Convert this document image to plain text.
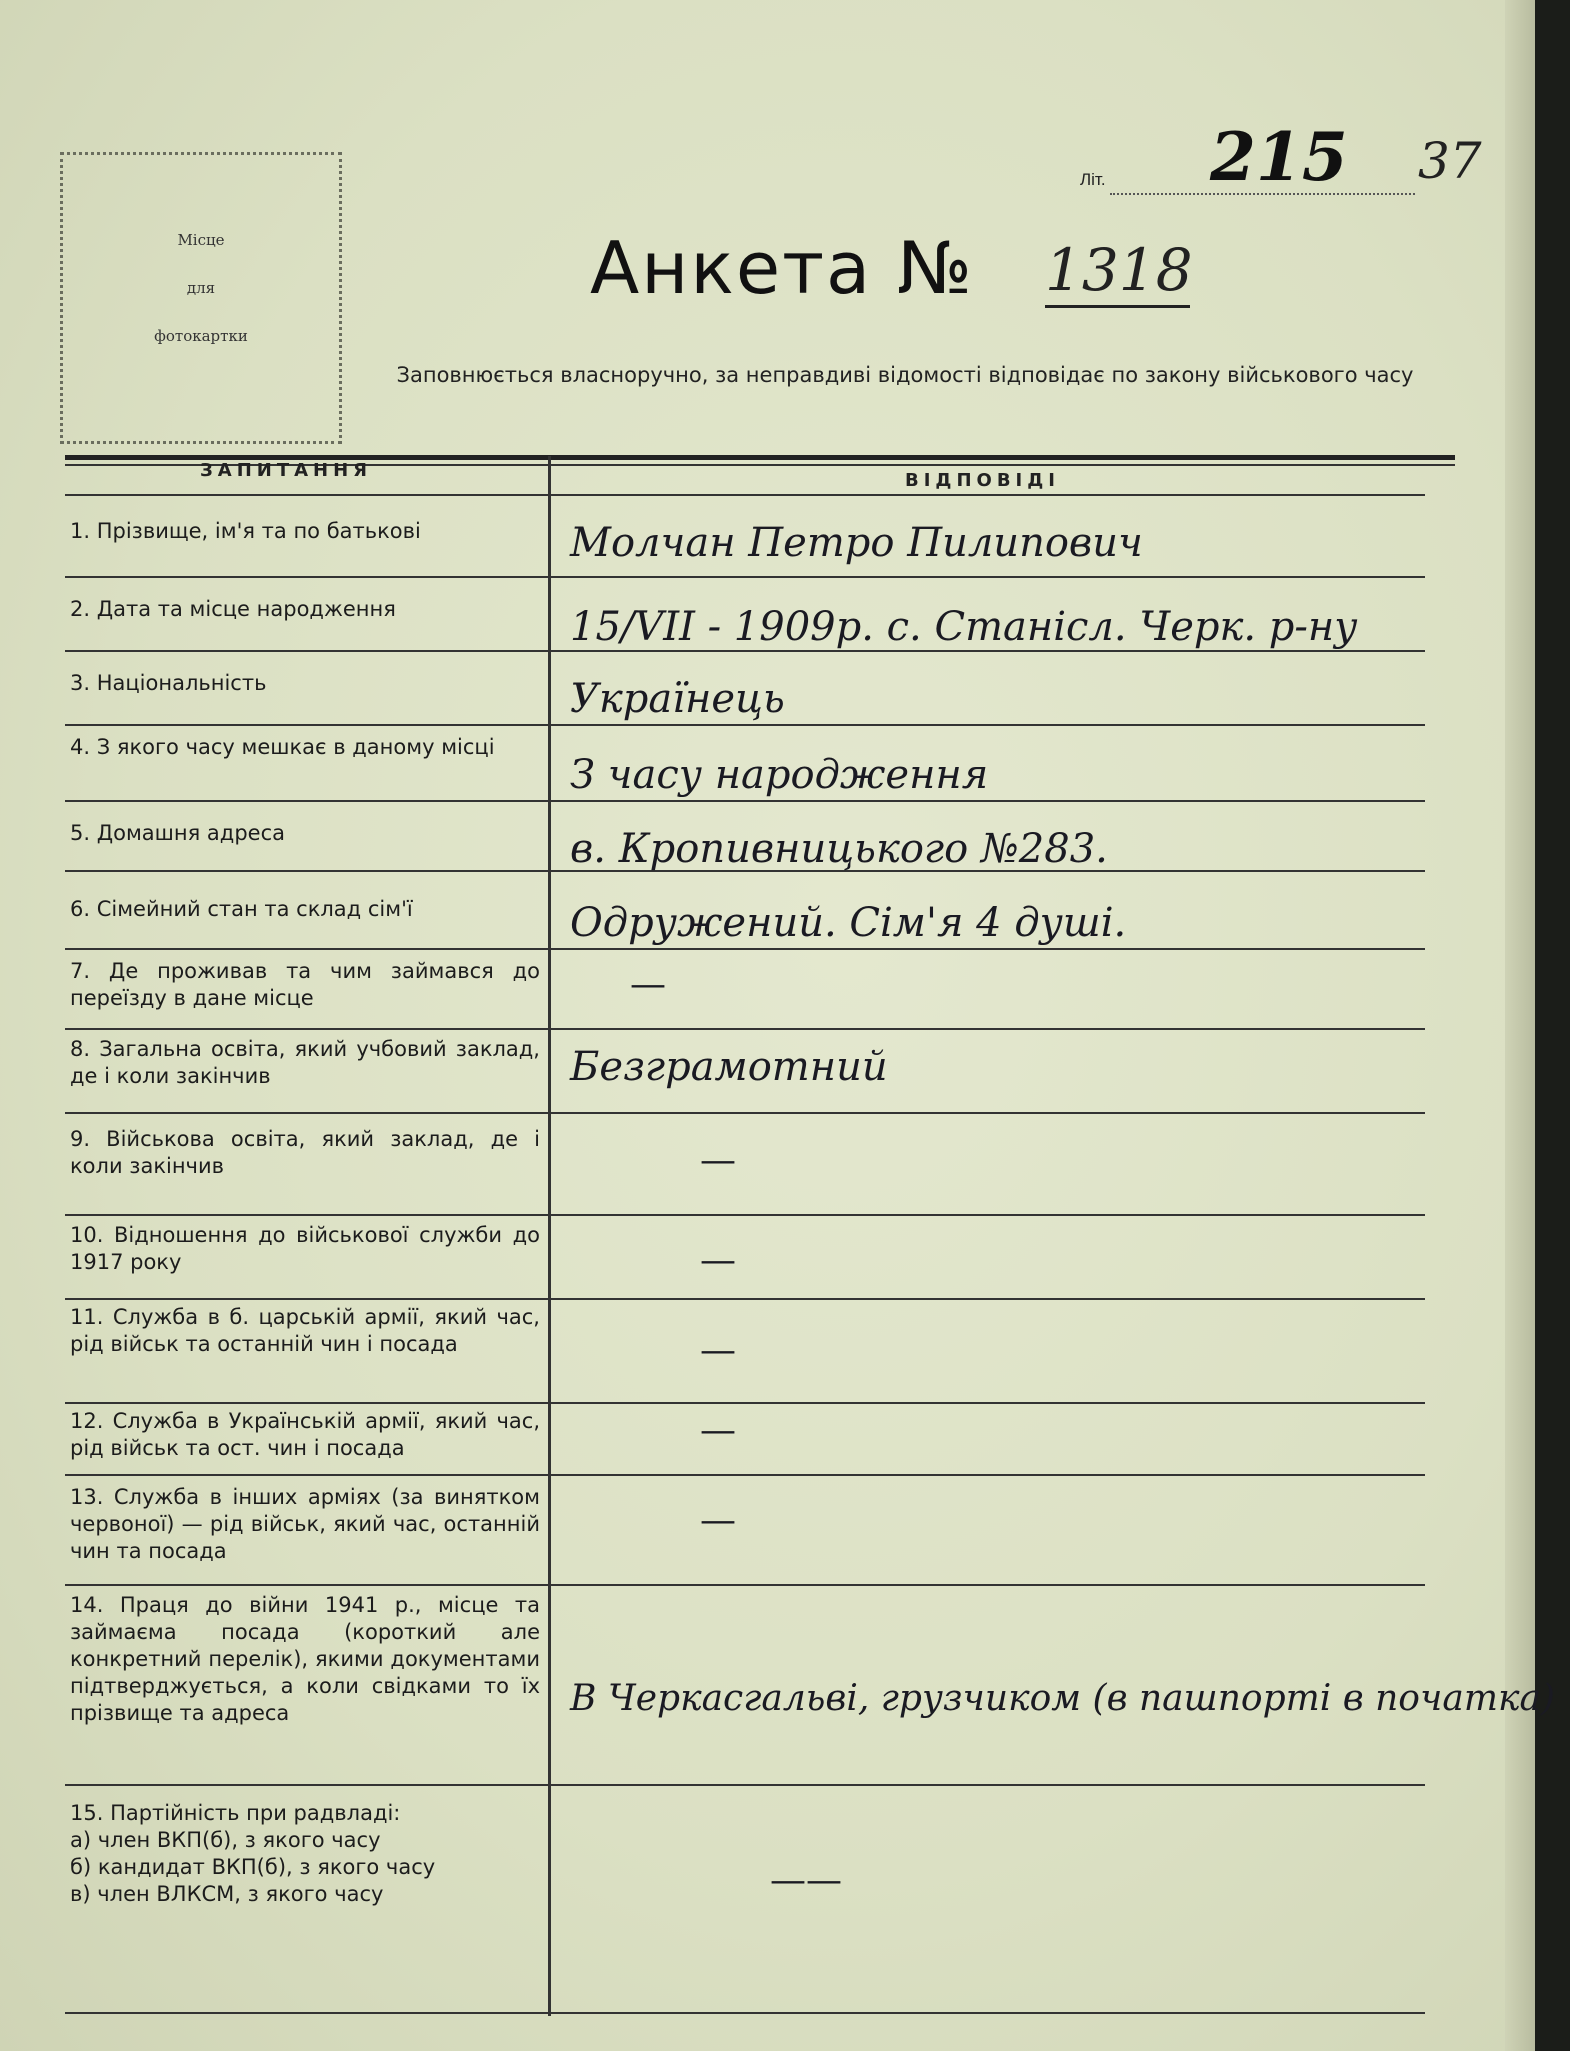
Місце
для
фотокартки
Літ. 215 37
Анкета № 1318
Заповнюється власноручно, за неправдиві відомості відповідає по закону військового часу
ЗАПИТАННЯ	ВІДПОВІДІ
1. Прізвище, ім'я та по батькові
2. Дата та місце народження
3. Національність
4. З якого часу мешкає в даному місці
5. Домашня адреса
6. Сімейний стан та склад сім'ї
7. Де проживав та чим займався до переїзду в дане місце
8. Загальна освіта, який учбовий заклад, де і коли закінчив
9. Військова освіта, який заклад, де і коли закінчив
10. Відношення до військової служби до 1917 року
11. Служба в б. царській армії, який час, рід військ та останній чин і посада
12. Служба в Українській армії, який час, рід військ та ост. чин і посада
13. Служба в інших арміях (за винятком червоної) — рід військ, який час, останній чин та посада
14. Праця до війни 1941 р., місце та займаєма посада (короткий але конкретний перелік), якими документами підтверджується, а коли свідками то їх прізвище та адреса
15. Партійність при радвладі:
а) член ВКП(б), з якого часу
б) кандидат ВКП(б), з якого часу
в) член ВЛКСМ, з якого часу
Молчан Петро Пилипович
15/VII - 1909р. с. Станісл. Черк. р-ну
Українець
З часу народження
в. Кропивницького №283.
Одружений. Сім'я 4 душі.
—
Безграмотний
—
—
—
—
—
В Черкасгальві, грузчиком (в пашпорті в початка)
——
